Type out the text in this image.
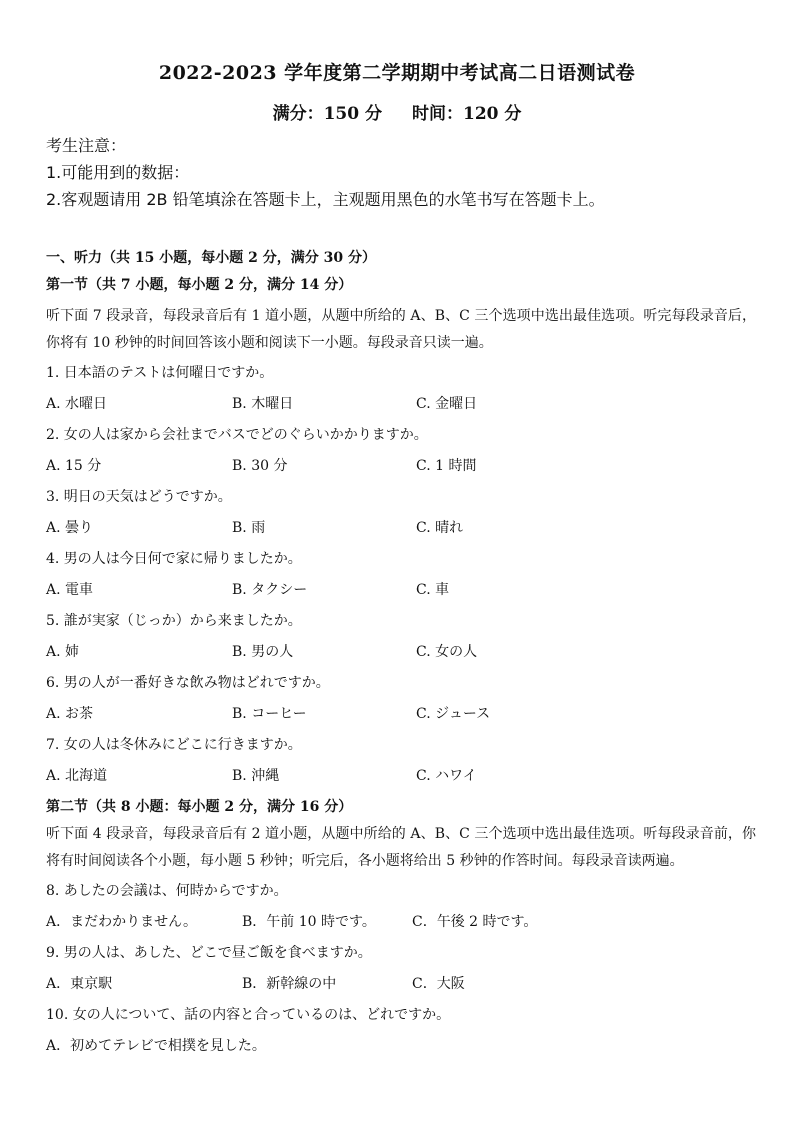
2022-2023 学年度第二学期期中考试高二日语测试卷
满分：150 分 时间：120 分
考生注意：
1.可能用到的数据：
2.客观题请用 2B 铅笔填涂在答题卡上，主观题用黑色的水笔书写在答题卡上。
一、听力（共 15 小题，每小题 2 分，满分 30 分）
第一节（共 7 小题，每小题 2 分，满分 14 分）
听下面 7 段录音，每段录音后有 1 道小题，从题中所给的 A、B、C 三个选项中选出最佳选项。听完每段录音后，你将有 10 秒钟的时间回答该小题和阅读下一小题。每段录音只读一遍。
1. 日本語のテストは何曜日ですか。
A. 水曜日	B. 木曜日	C. 金曜日
2. 女の人は家から会社までバスでどのぐらいかかりますか。
A. 15 分	B. 30 分	C. 1 時間
3. 明日の天気はどうですか。
A. 曇り	B. 雨	C. 晴れ
4. 男の人は今日何で家に帰りましたか。
A. 電車	B. タクシー	C. 車
5. 誰が実家（じっか）から来ましたか。
A. 姉	B. 男の人	C. 女の人
6. 男の人が一番好きな飲み物はどれですか。
A. お茶	B. コーヒー	C. ジュース
7. 女の人は冬休みにどこに行きますか。
A. 北海道	B. 沖縄	C. ハワイ
第二节（共 8 小题：每小题 2 分，满分 16 分）
听下面 4 段录音，每段录音后有 2 道小题，从题中所给的 A、B、C 三个选项中选出最佳选项。听每段录音前，你将有时间阅读各个小题，每小题 5 秒钟；听完后，各小题将给出 5 秒钟的作答时间。每段录音读两遍。
8. あしたの会議は、何時からですか。
A．まだわかりません。	B．午前 10 時です。	C．午後 2 時です。
9. 男の人は、あした、どこで昼ご飯を食べますか。
A．東京駅	B．新幹線の中	C．大阪
10. 女の人について、話の内容と合っているのは、どれですか。
A．初めてテレビで相撲を見した。
